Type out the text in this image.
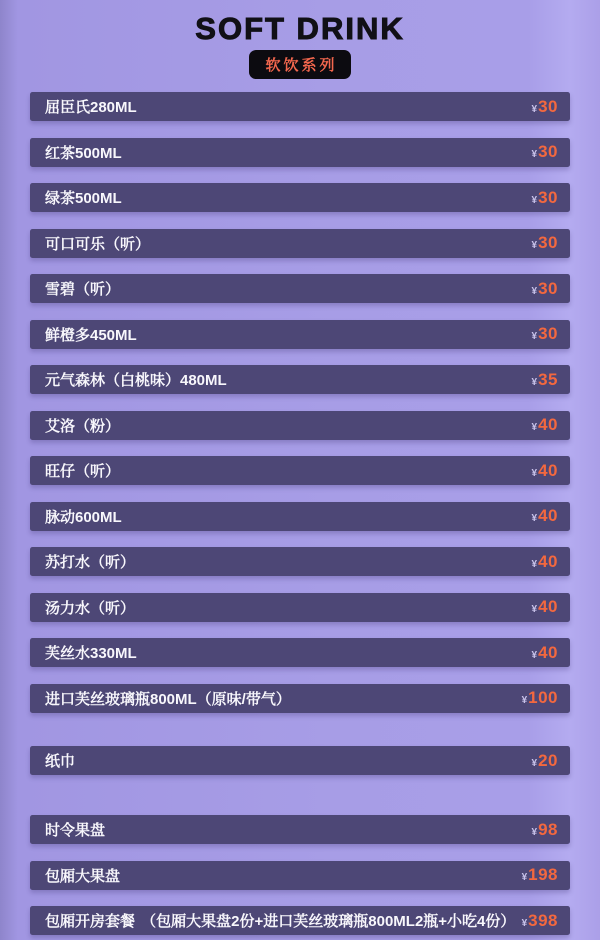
SOFT DRINK
软饮系列
屈臣氏280ML	¥ 30
红茶500ML	¥ 30
绿茶500ML	¥ 30
可口可乐（听）	¥ 30
雪碧（听）	¥ 30
鲜橙多450ML	¥ 30
元气森林（白桃味）480ML	¥ 35
艾洛（粉）	¥ 40
旺仔（听）	¥ 40
脉动600ML	¥ 40
苏打水（听）	¥ 40
汤力水（听）	¥ 40
芙丝水330ML	¥ 40
进口芙丝玻璃瓶800ML（原味/带气）	¥ 100
纸巾	¥ 20
时令果盘	¥ 98
包厢大果盘	¥ 198
包厢开房套餐 （包厢大果盘2份+进口芙丝玻璃瓶800ML2瓶+小吃4份） ¥ 398
